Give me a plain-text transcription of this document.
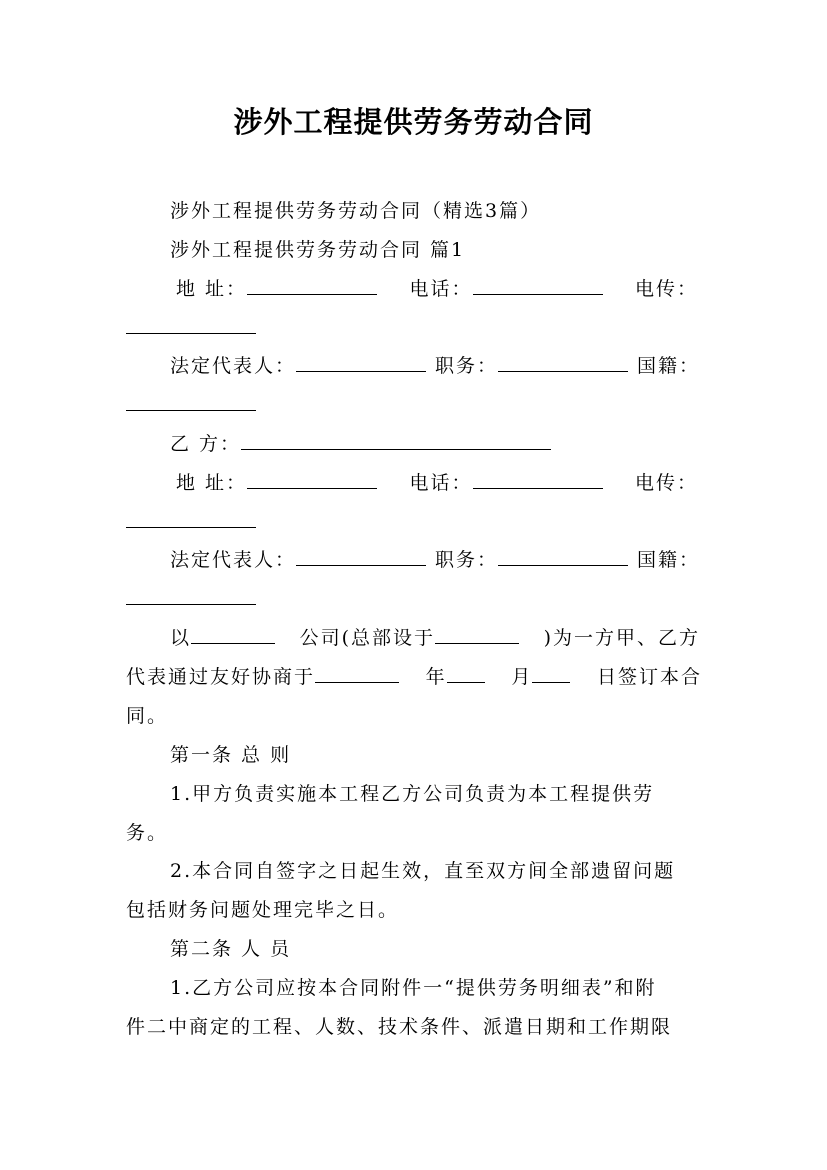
涉外工程提供劳务劳动合同
涉外工程提供劳务劳动合同（精选3篇）
涉外工程提供劳务劳动合同 篇1
地 址：	电话：	电传：
法定代表人：	职务：	国籍：
乙 方：
地 址：	电话：	电传：
法定代表人：	职务：	国籍：
以	公司(总部设于	)为一方甲、乙方
代表通过友好协商于	年	月	日签订本合
同。
第一条 总 则
1.甲方负责实施本工程乙方公司负责为本工程提供劳
务。
2.本合同自签字之日起生效，直至双方间全部遗留问题
包括财务问题处理完毕之日。
第二条 人 员
1.乙方公司应按本合同附件一“提供劳务明细表”和附
件二中商定的工程、人数、技术条件、派遣日期和工作期限
